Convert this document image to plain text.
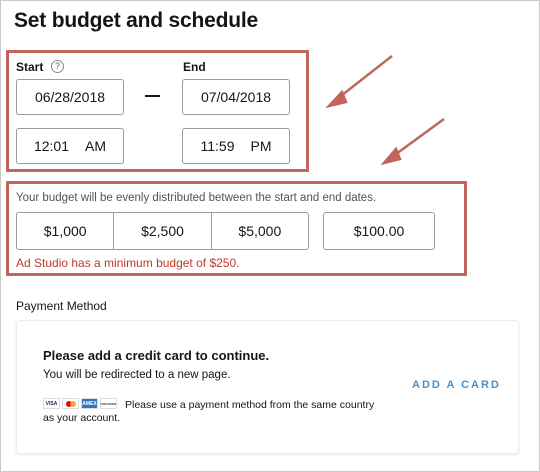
Set budget and schedule
Start	?	End
06/28/2018	07/04/2018
12:01 AM	11:59 PM
Your budget will be evenly distributed between the start and end dates.
$1,000	$2,500	$5,000	$100.00
Ad Studio has a minimum budget of $250.
Payment Method
Please add a credit card to continue.
You will be redirected to a new page.
ADD A CARD
VISA	AMEX	DISCOVER Please use a payment method from the same country
as your account.
